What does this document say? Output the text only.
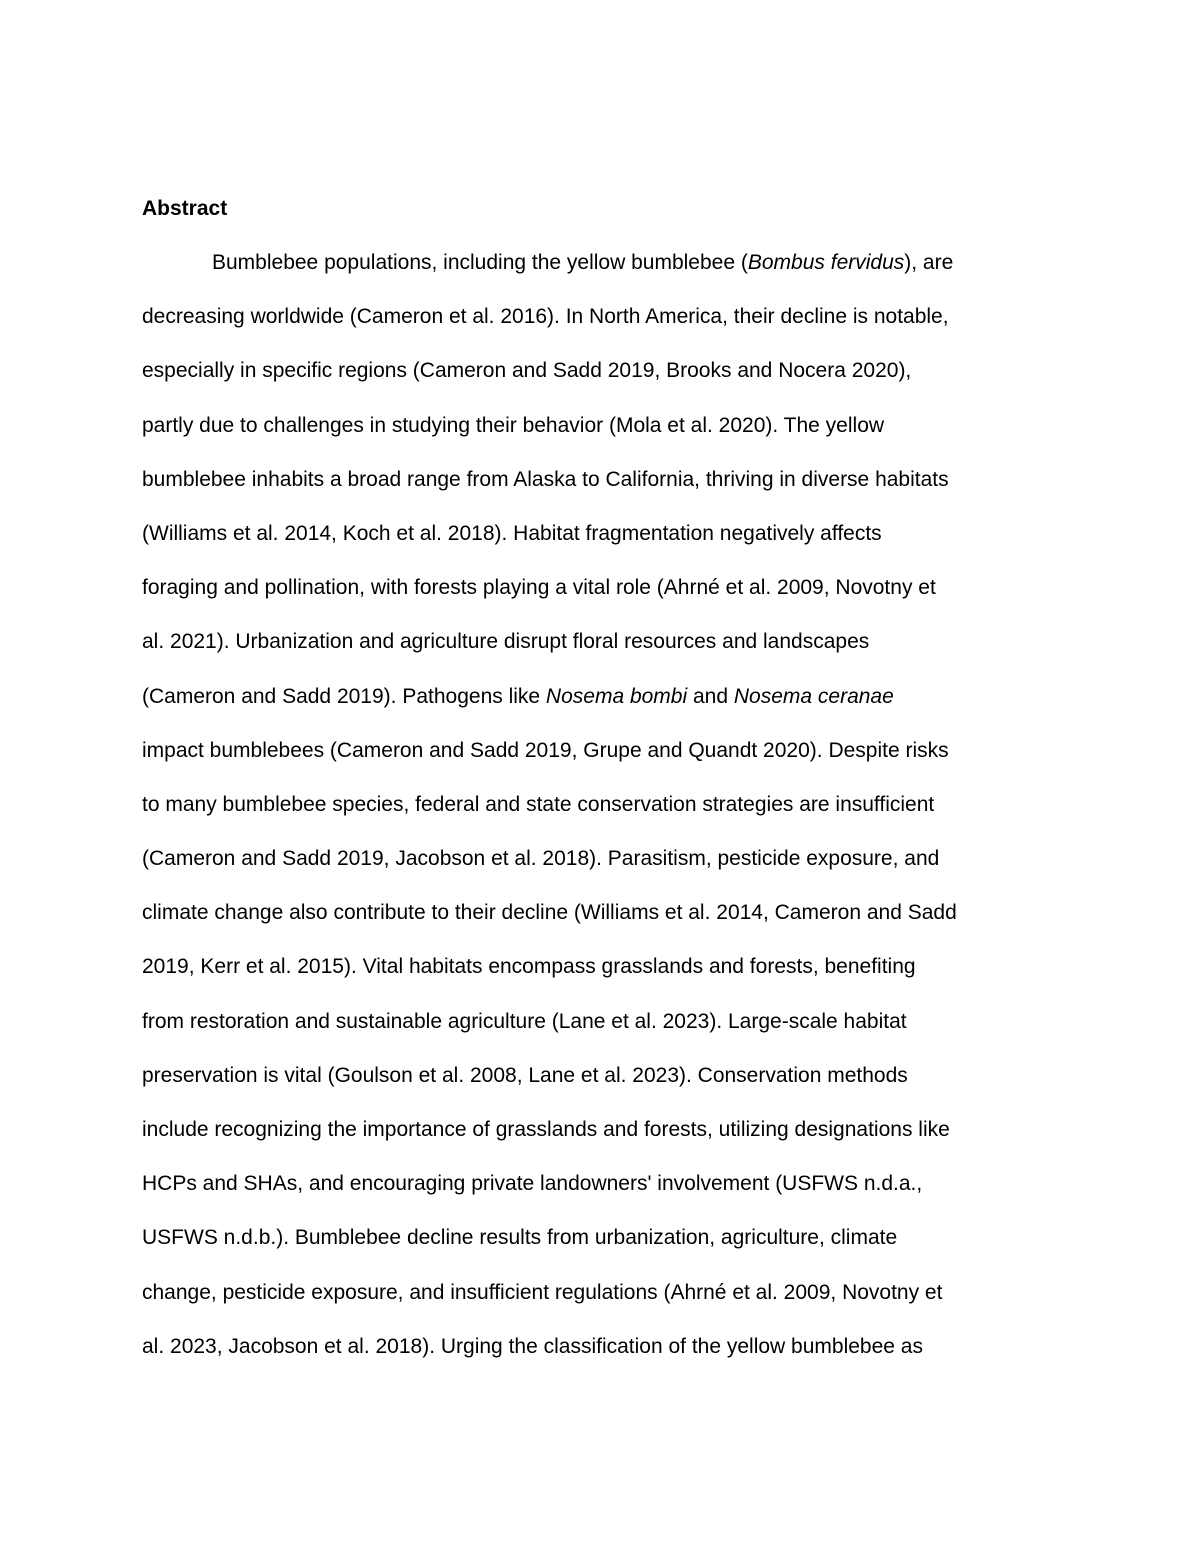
Abstract
Bumblebee populations, including the yellow bumblebee (Bombus fervidus), are
decreasing worldwide (Cameron et al. 2016). In North America, their decline is notable,
especially in specific regions (Cameron and Sadd 2019, Brooks and Nocera 2020),
partly due to challenges in studying their behavior (Mola et al. 2020). The yellow
bumblebee inhabits a broad range from Alaska to California, thriving in diverse habitats
(Williams et al. 2014, Koch et al. 2018). Habitat fragmentation negatively affects
foraging and pollination, with forests playing a vital role (Ahrné et al. 2009, Novotny et
al. 2021). Urbanization and agriculture disrupt floral resources and landscapes
(Cameron and Sadd 2019). Pathogens like Nosema bombi and Nosema ceranae
impact bumblebees (Cameron and Sadd 2019, Grupe and Quandt 2020). Despite risks
to many bumblebee species, federal and state conservation strategies are insufficient
(Cameron and Sadd 2019, Jacobson et al. 2018). Parasitism, pesticide exposure, and
climate change also contribute to their decline (Williams et al. 2014, Cameron and Sadd
2019, Kerr et al. 2015). Vital habitats encompass grasslands and forests, benefiting
from restoration and sustainable agriculture (Lane et al. 2023). Large-scale habitat
preservation is vital (Goulson et al. 2008, Lane et al. 2023). Conservation methods
include recognizing the importance of grasslands and forests, utilizing designations like
HCPs and SHAs, and encouraging private landowners' involvement (USFWS n.d.a.,
USFWS n.d.b.). Bumblebee decline results from urbanization, agriculture, climate
change, pesticide exposure, and insufficient regulations (Ahrné et al. 2009, Novotny et
al. 2023, Jacobson et al. 2018). Urging the classification of the yellow bumblebee as
